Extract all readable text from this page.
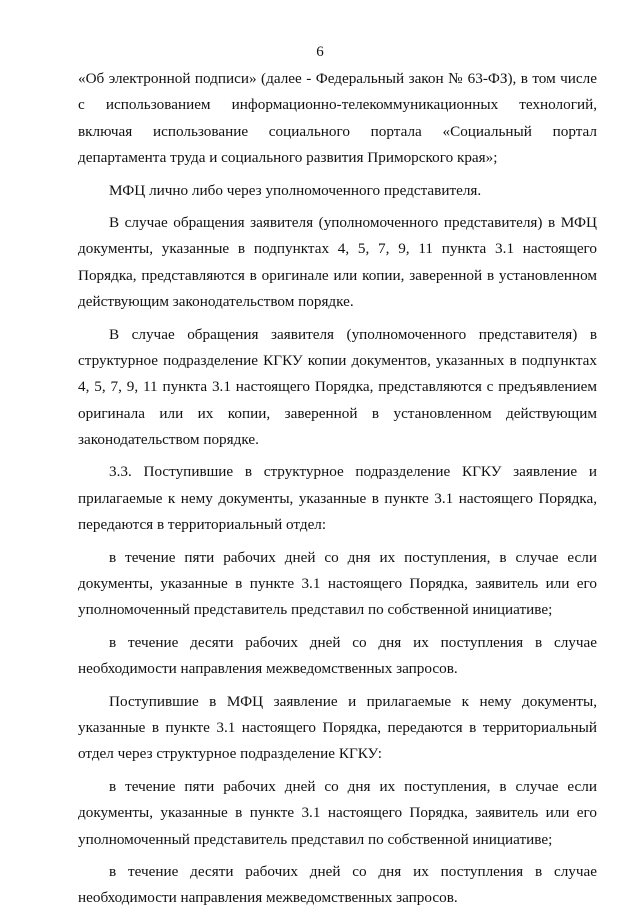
6
«Об электронной подписи» (далее - Федеральный закон № 63-ФЗ), в том числе
с использованием информационно-телекоммуникационных технологий,
включая использование социального портала «Социальный портал
департамента труда и социального развития Приморского края»;
МФЦ лично либо через уполномоченного представителя.
В случае обращения заявителя (уполномоченного представителя) в МФЦ
документы, указанные в подпунктах 4, 5, 7, 9, 11 пункта 3.1 настоящего
Порядка, представляются в оригинале или копии, заверенной в установленном
действующим законодательством порядке.
В случае обращения заявителя (уполномоченного представителя) в
структурное подразделение КГКУ копии документов, указанных в подпунктах
4, 5, 7, 9, 11 пункта 3.1 настоящего Порядка, представляются с предъявлением
оригинала или их копии, заверенной в установленном действующим
законодательством порядке.
3.3. Поступившие в структурное подразделение КГКУ заявление и
прилагаемые к нему документы, указанные в пункте 3.1 настоящего Порядка,
передаются в территориальный отдел:
в течение пяти рабочих дней со дня их поступления, в случае если
документы, указанные в пункте 3.1 настоящего Порядка, заявитель или его
уполномоченный представитель представил по собственной инициативе;
в течение десяти рабочих дней со дня их поступления в случае
необходимости направления межведомственных запросов.
Поступившие в МФЦ заявление и прилагаемые к нему документы,
указанные в пункте 3.1 настоящего Порядка, передаются в территориальный
отдел через структурное подразделение КГКУ:
в течение пяти рабочих дней со дня их поступления, в случае если
документы, указанные в пункте 3.1 настоящего Порядка, заявитель или его
уполномоченный представитель представил по собственной инициативе;
в течение десяти рабочих дней со дня их поступления в случае
необходимости направления межведомственных запросов.
